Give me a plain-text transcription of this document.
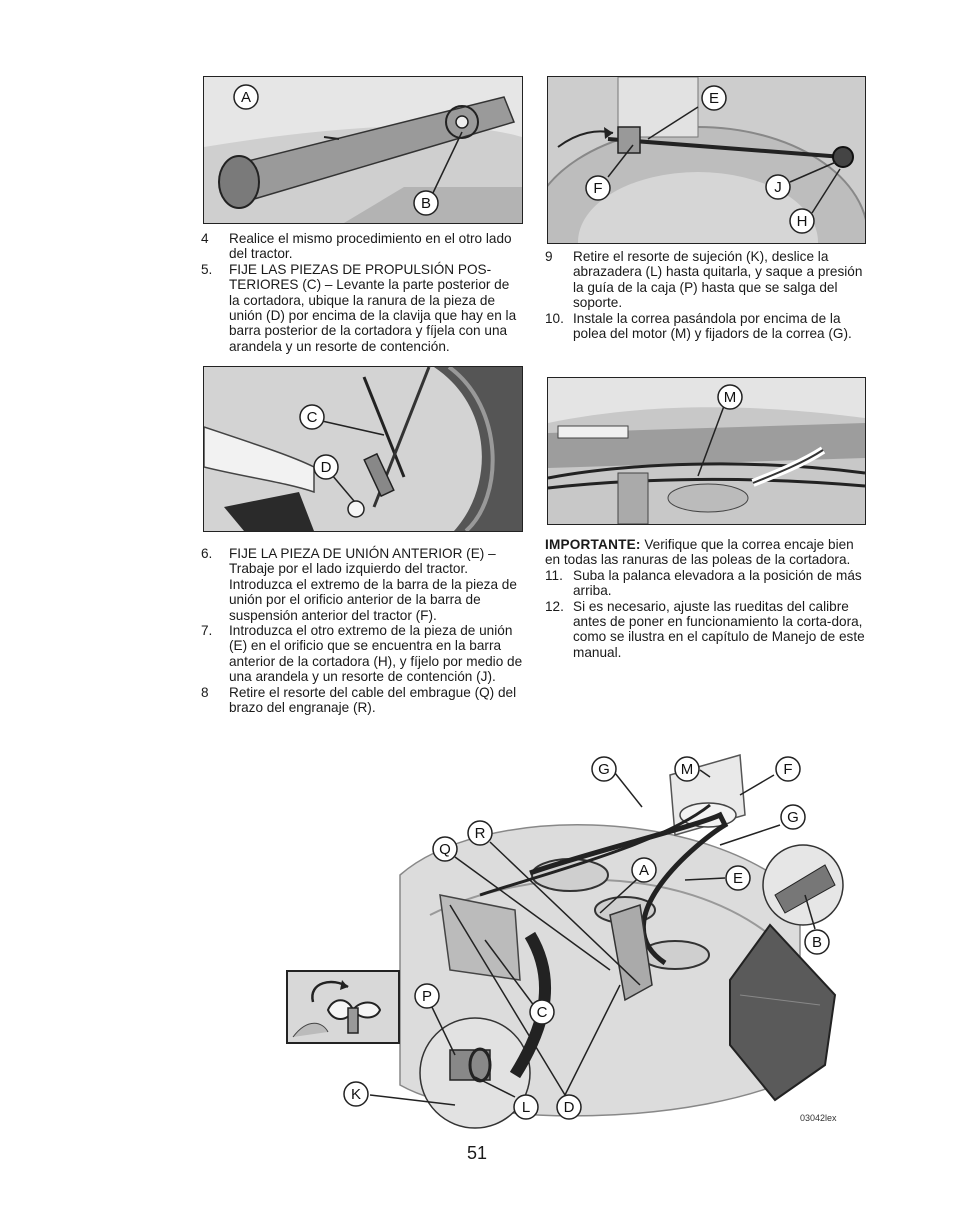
A
B
4 Realice el mismo procedimiento en el otro lado del tractor.
5. FIJE LAS PIEZAS DE PROPULSIÓN POS-TERIORES (C) – Levante la parte posterior de la cortadora, ubique la ranura de la pieza de unión (D) por encima de la clavija que hay en la barra posterior de la cortadora y fíjela con una arandela y un resorte de contención.
C
D
6. FIJE LA PIEZA DE UNIÓN ANTERIOR (E) – Trabaje por el lado izquierdo del tractor. Introduzca el extremo de la barra de la pieza de unión por el orificio anterior de la barra de suspensión anterior del tractor (F).
7. Introduzca el otro extremo de la pieza de unión (E) en el orificio que se encuentra en la barra anterior de la cortadora (H), y fíjelo por medio de una arandela y un resorte de contención (J).
8 Retire el resorte del cable del embrague (Q) del brazo del engranaje (R).
E
F	J
H
9 Retire el resorte de sujeción (K), deslice la abrazadera (L) hasta quitarla, y saque a presión la guía de la caja (P) hasta que se salga del soporte.
10. Instale la correa pasándola por encima de la polea del motor (M) y fijadors de la correa (G).
M

IMPORTANTE: Verifique que la correa encaje bien en todas las ranuras de las poleas de la cortadora.

11. Suba la palanca elevadora a la posición de más arriba.
12. Si es necesario, ajuste las rueditas del calibre antes de poner en funcionamiento la corta-dora, como se ilustra en el capítulo de Manejo de este manual.
G	M	F
G
R
Q
A	E
B
P
C
K
L D
03042lex
51
